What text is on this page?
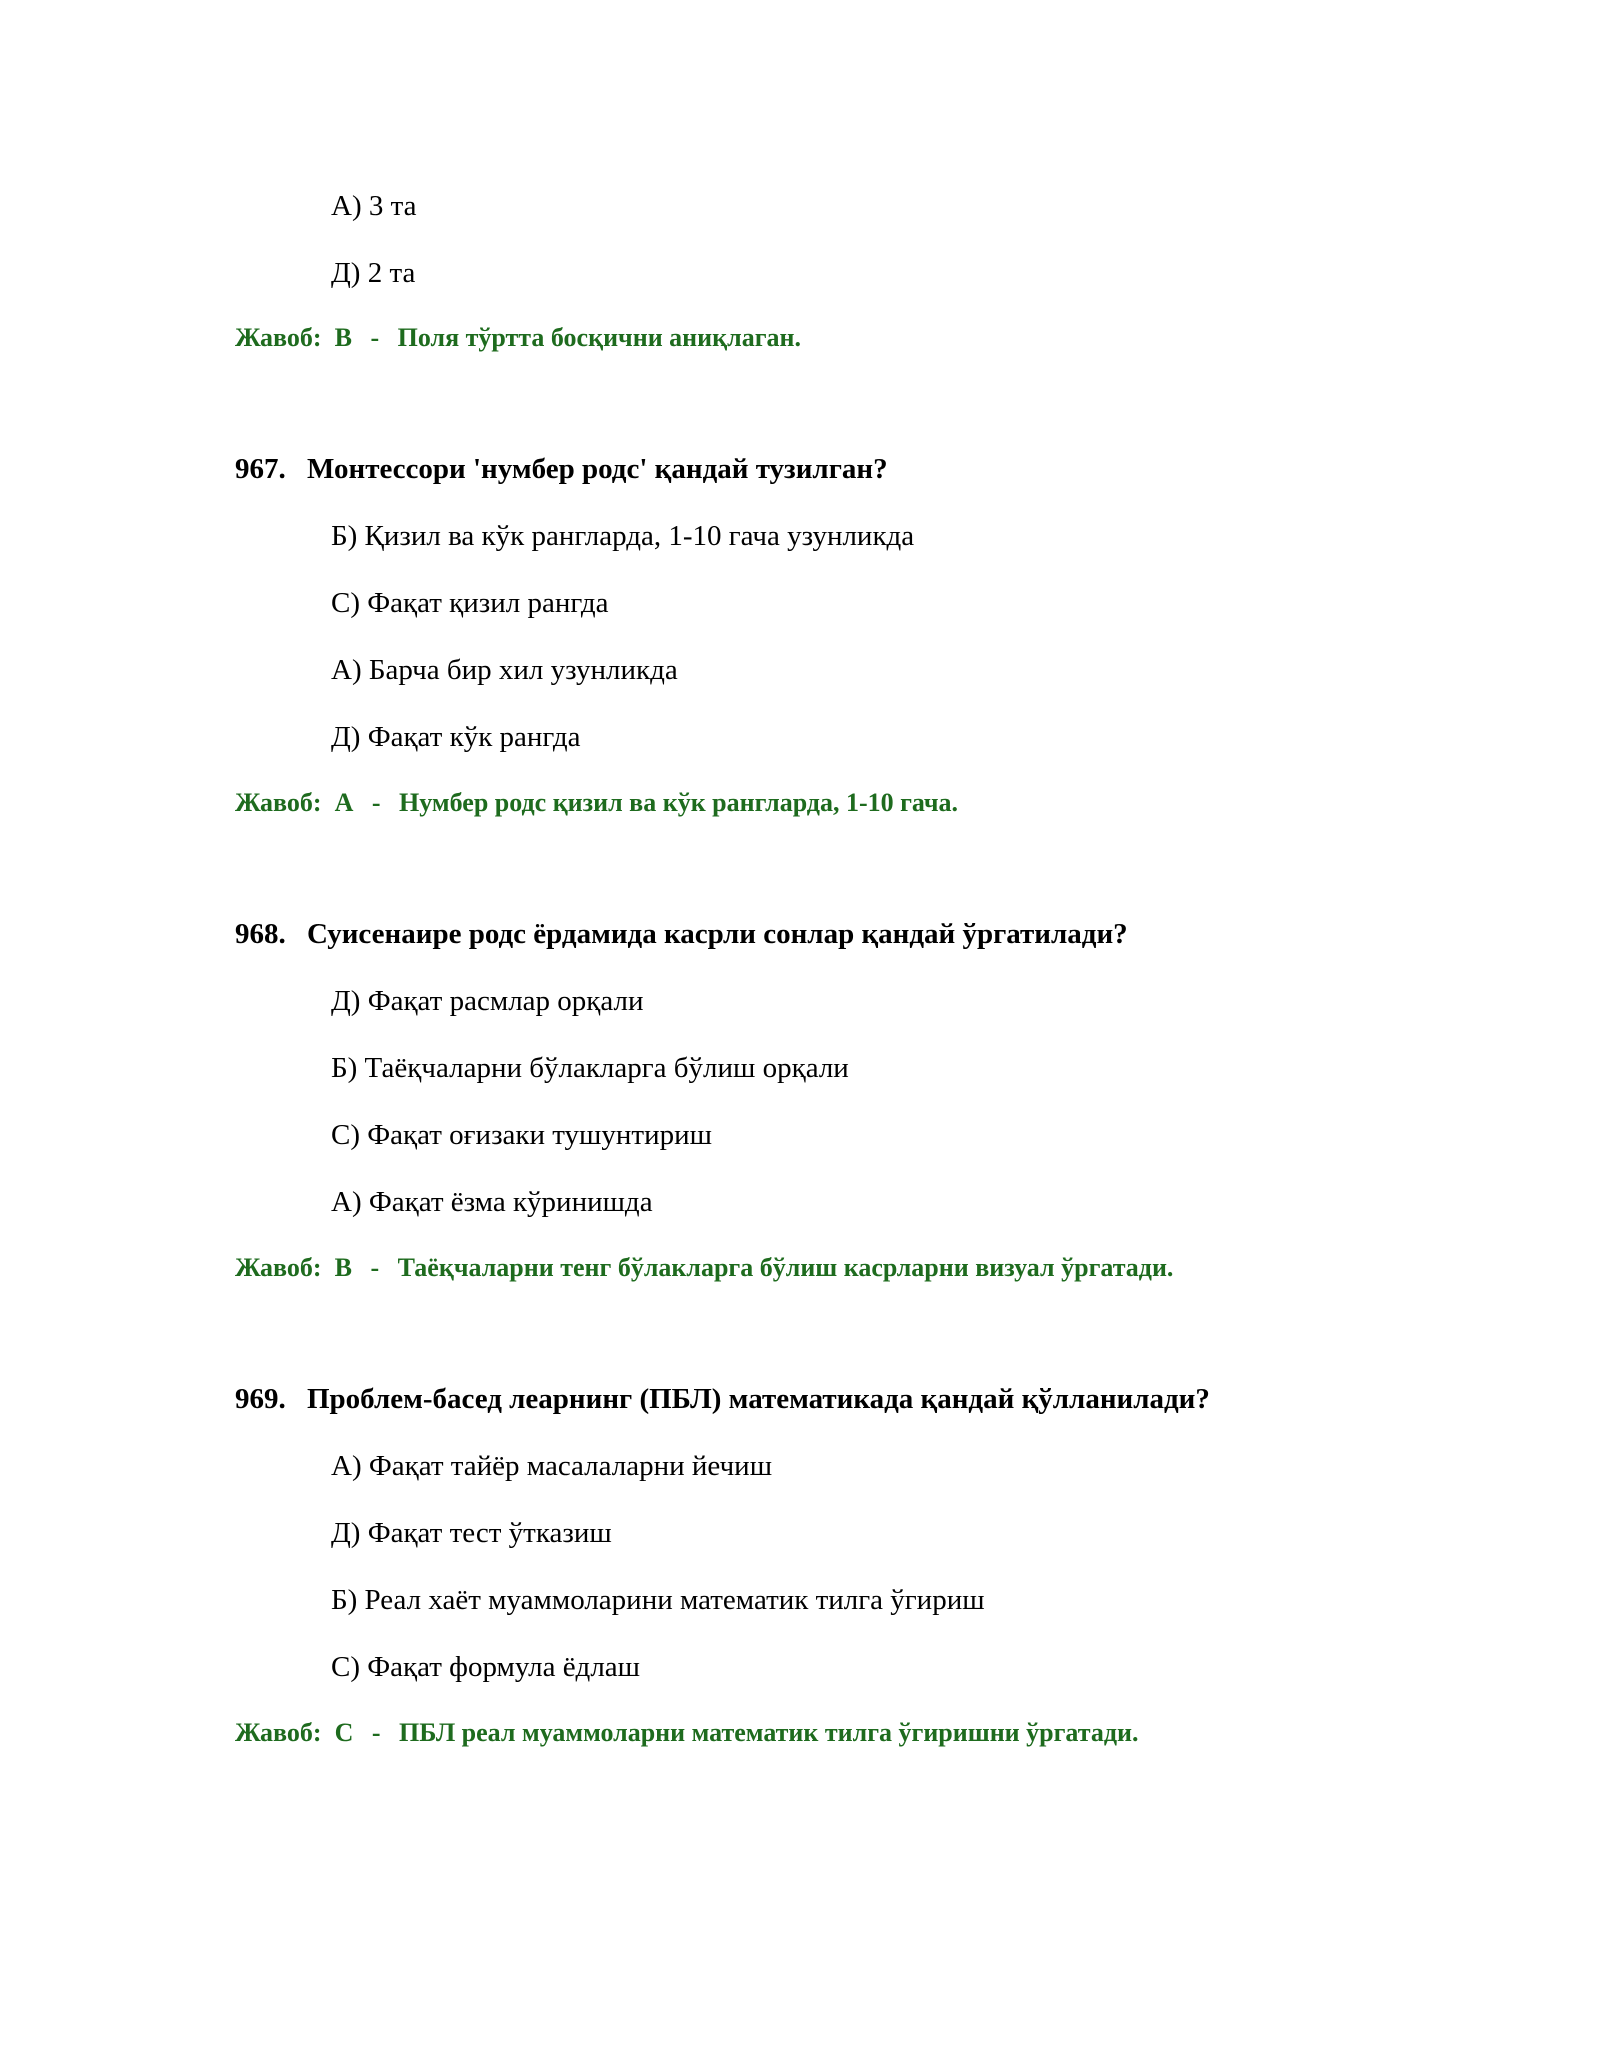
А) 3 та
Д) 2 та
Жавоб: В - Поля тўртта босқични аниқлаган.
967. Монтессори 'нумбер родс' қандай тузилган?
Б) Қизил ва кўк рангларда, 1-10 гача узунликда
С) Фақат қизил рангда
А) Барча бир хил узунликда
Д) Фақат кўк рангда
Жавоб: А - Нумбер родс қизил ва кўк рангларда, 1-10 гача.
968. Суисенаире родс ёрдамида касрли сонлар қандай ўргатилади?
Д) Фақат расмлар орқали
Б) Таёқчаларни бўлакларга бўлиш орқали
С) Фақат оғизаки тушунтириш
А) Фақат ёзма кўринишда
Жавоб: В - Таёқчаларни тенг бўлакларга бўлиш касрларни визуал ўргатади.
969. Проблем-басед леарнинг (ПБЛ) математикада қандай қўлланилади?
А) Фақат тайёр масалаларни йечиш
Д) Фақат тест ўтказиш
Б) Реал хаёт муаммоларини математик тилга ўгириш
С) Фақат формула ёдлаш
Жавоб: С - ПБЛ реал муаммоларни математик тилга ўгиришни ўргатади.
